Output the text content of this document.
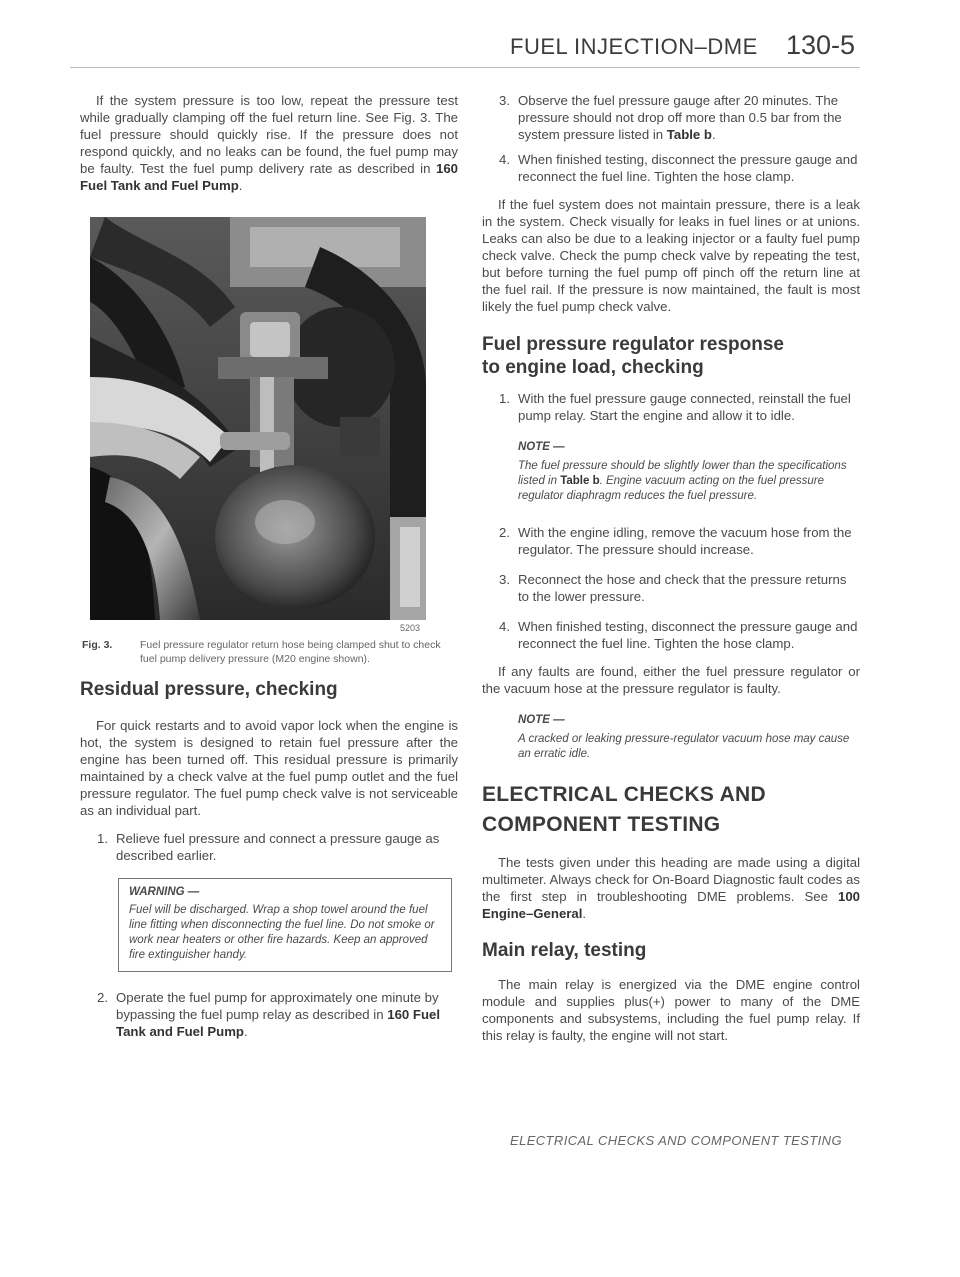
FUEL INJECTION–DME 130-5

If the system pressure is too low, repeat the pressure test while gradually clamping off the fuel return line. See Fig. 3. The fuel pressure should quickly rise. If the pressure does not respond quickly, and no leaks can be found, the fuel pump may be faulty. Test the fuel pump delivery rate as described in 160 Fuel Tank and Fuel Pump.

5203
Fig. 3.	Fuel pressure regulator return hose being clamped shut to check fuel pump delivery pressure (M20 engine shown).
Residual pressure, checking

For quick restarts and to avoid vapor lock when the engine is hot, the system is designed to retain fuel pressure after the engine has been turned off. This residual pressure is primarily maintained by a check valve at the fuel pump outlet and the fuel pressure regulator. The fuel pump check valve is not serviceable as an individual part.

1. Relieve fuel pressure and connect a pressure gauge as described earlier.
WARNING —
Fuel will be discharged. Wrap a shop towel around the fuel line fitting when disconnecting the fuel line. Do not smoke or work near heaters or other fire hazards. Keep an approved fire extinguisher handy.
2. Operate the fuel pump for approximately one minute by bypassing the fuel pump relay as described in 160 Fuel Tank and Fuel Pump.
3. Observe the fuel pressure gauge after 20 minutes. The pressure should not drop off more than 0.5 bar from the system pressure listed in Table b.
4. When finished testing, disconnect the pressure gauge and reconnect the fuel line. Tighten the hose clamp.

If the fuel system does not maintain pressure, there is a leak in the system. Check visually for leaks in fuel lines or at unions. Leaks can also be due to a leaking injector or a faulty fuel pump check valve. Check the pump check valve by repeating the test, but before turning the fuel pump off pinch off the return line at the fuel rail. If the pressure is now maintained, the fault is most likely the fuel pump check valve.

Fuel pressure regulator response
to engine load, checking
1. With the fuel pressure gauge connected, reinstall the fuel pump relay. Start the engine and allow it to idle.
NOTE —
The fuel pressure should be slightly lower than the specifications listed in Table b. Engine vacuum acting on the fuel pressure regulator diaphragm reduces the fuel pressure.
2. With the engine idling, remove the vacuum hose from the regulator. The pressure should increase.
3. Reconnect the hose and check that the pressure returns to the lower pressure.
4. When finished testing, disconnect the pressure gauge and reconnect the fuel line. Tighten the hose clamp.

If any faults are found, either the fuel pressure regulator or the vacuum hose at the pressure regulator is faulty.

NOTE —
A cracked or leaking pressure-regulator vacuum hose may cause an erratic idle.
ELECTRICAL CHECKS AND
COMPONENT TESTING

The tests given under this heading are made using a digital multimeter. Always check for On-Board Diagnostic fault codes as the first step in troubleshooting DME problems. See 100 Engine–General.

Main relay, testing

The main relay is energized via the DME engine control module and supplies plus(+) power to many of the DME components and subsystems, including the fuel pump relay. If this relay is faulty, the engine will not start.

ELECTRICAL CHECKS AND COMPONENT TESTING
